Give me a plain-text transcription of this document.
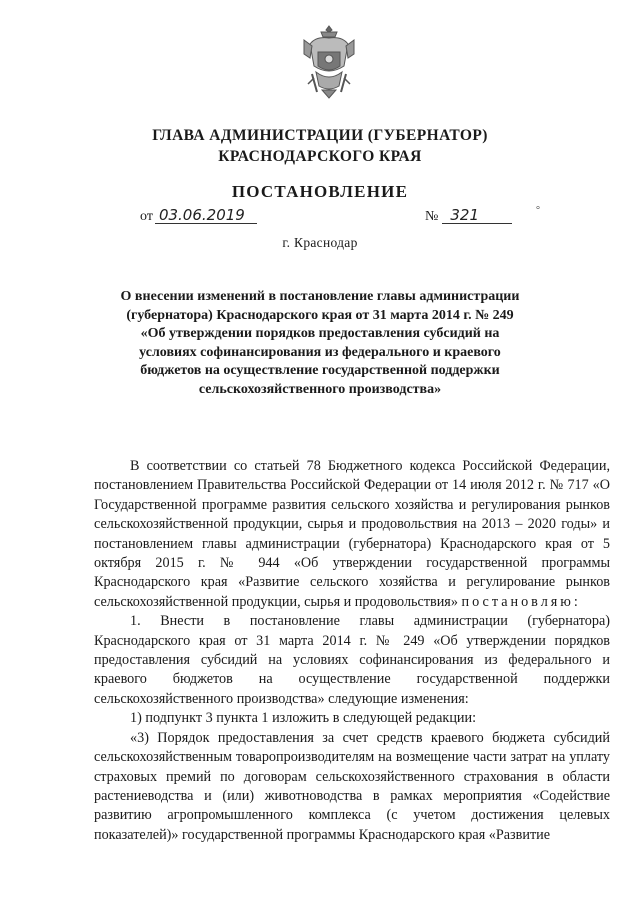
ГЛАВА АДМИНИСТРАЦИИ (ГУБЕРНАТОР)
КРАСНОДАРСКОГО КРАЯ
ПОСТАНОВЛЕНИЕ
от 03.06.2019	№ 321	°
г. Краснодар
О внесении изменений в постановление главы администрации (губернатора) Краснодарского края от 31 марта 2014 г. № 249 «Об утверждении порядков предоставления субсидий на условиях софинансирования из федерального и краевого бюджетов на осуществление государственной поддержки сельскохозяйственного производства»

В соответствии со статьей 78 Бюджетного кодекса Российской Федерации, постановлением Правительства Российской Федерации от 14 июля 2012 г. № 717 «О Государственной программе развития сельского хозяйства и регулирования рынков сельскохозяйственной продукции, сырья и продовольствия на 2013 – 2020 годы» и постановлением главы администрации (губернатора) Краснодарского края от 5 октября 2015 г. № 944 «Об утверждении государственной программы Краснодарского края «Развитие сельского хозяйства и регулирование рынков сельскохозяйственной продукции, сырья и продовольствия» постановляю:

1. Внести в постановление главы администрации (губернатора) Краснодарского края от 31 марта 2014 г. № 249 «Об утверждении порядков предоставления субсидий на условиях софинансирования из федерального и краевого бюджетов на осуществление государственной поддержки сельскохозяйственного производства» следующие изменения:

1) подпункт 3 пункта 1 изложить в следующей редакции:

«3) Порядок предоставления за счет средств краевого бюджета субсидий сельскохозяйственным товаропроизводителям на возмещение части затрат на уплату страховых премий по договорам сельскохозяйственного страхования в области растениеводства и (или) животноводства в рамках мероприятия «Содействие развитию агропромышленного комплекса (с учетом достижения целевых показателей)» государственной программы Краснодарского края «Развитие
